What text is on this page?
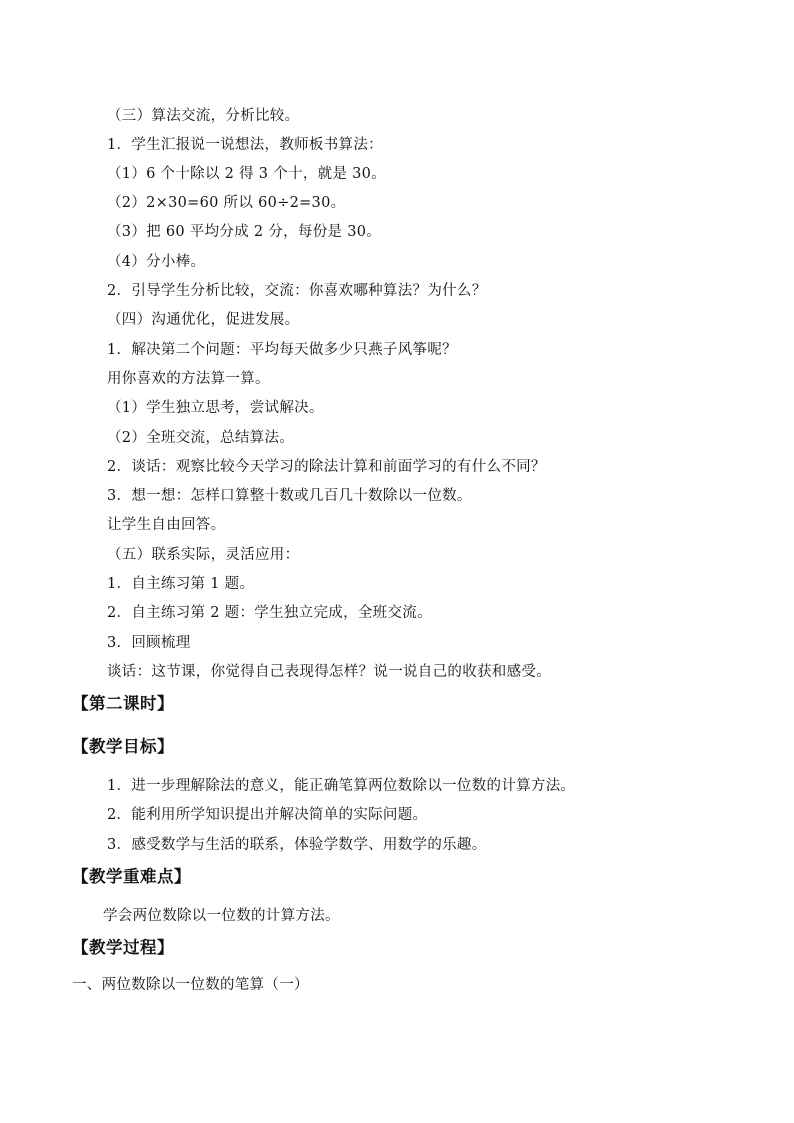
（三）算法交流，分析比较。
1．学生汇报说一说想法，教师板书算法：
（1）6 个十除以 2 得 3 个十，就是 30。
（2）2×30=60 所以 60÷2=30。
（3）把 60 平均分成 2 分，每份是 30。
（4）分小棒。
2．引导学生分析比较，交流：你喜欢哪种算法？为什么？
（四）沟通优化，促进发展。
1．解决第二个问题：平均每天做多少只燕子风筝呢？
用你喜欢的方法算一算。
（1）学生独立思考，尝试解决。
（2）全班交流，总结算法。
2．谈话：观察比较今天学习的除法计算和前面学习的有什么不同？
3．想一想：怎样口算整十数或几百几十数除以一位数。
让学生自由回答。
（五）联系实际，灵活应用：
1．自主练习第 1 题。
2．自主练习第 2 题：学生独立完成，全班交流。
3．回顾梳理
谈话：这节课，你觉得自己表现得怎样？说一说自己的收获和感受。
【第二课时】
【教学目标】
1．进一步理解除法的意义，能正确笔算两位数除以一位数的计算方法。
2．能利用所学知识提出并解决简单的实际问题。
3．感受数学与生活的联系，体验学数学、用数学的乐趣。
【教学重难点】
学会两位数除以一位数的计算方法。
【教学过程】
一、两位数除以一位数的笔算（一）
